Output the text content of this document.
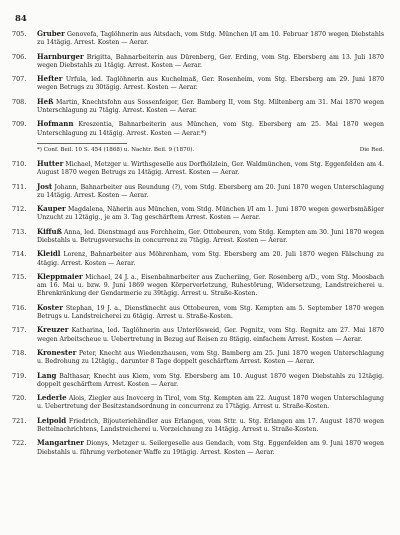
84
705.	Gruber Genovefa, Taglöhnerin aus Aitsdach, vom Stdg. München l/I am 10. Februar 1870 wegen Diebstahls zu 14tägig. Arrest. Kosten — Aerar.
706.	Harnburger Brigitta, Bahnarbeiterin aus Dürenberg, Ger. Erding, vom Stg. Ebersberg am 13. Juli 1870 wegen Diebstahls zu 1tägig. Arrest. Kosten — Aerar.
707.	Hefter Urfula, led. Taglöhnerin aus Kuchelmaß, Ger. Rosenheim, vom Stg. Ebersberg am 29. Juni 1870 wegen Betrugs zu 30tägig. Arrest. Kosten — Aerar.
708.	Heß Martin, Knechtsfohn aus Sossenfeiger, Ger. Bamberg II, vom Stg. Miltenberg am 31. Mai 1870 wegen Unterschlagung zu 7tägig. Arrest. Kosten — Aerar.
709.	Hofmann Kreszentia, Bahnarbeiterin aus München, vom Stg. Ebersberg am 25. Mai 1870 wegen Unterschlagung zu 14tägig. Arrest. Kosten — Aerar.*)
*) Conf. Beil. 10 S. 454 (1868) u. Nachtr. Beil. 9 (1870).	Die Red.
710.	Hutter Michael, Metzger u. Wirthsgeselle aus Dorfhölzlein, Ger. Waldmünchen, vom Stg. Eggenfelden am 4. August 1870 wegen Betrugs zu 14tägig. Arrest. Kosten — Aerar.
711.	Jost Johann, Bahnarbeiter aus Reundung (?), vom Stdg. Ebersberg am 20. Juni 1870 wegen Unterschlagung zu 14tägig. Arrest. Kosten — Aerar.
712.	Kauper Magdalena, Näherin aus München, vom Stdg. München l/I am 1. Juni 1870 wegen gewerbsmäßiger Unzucht zu 12tägig., je am 3. Tag geschärftem Arrest. Kosten — Aerar.
713.	Kiffuß Anna, led. Dienstmagd aus Forchheim, Ger. Ottobeuren, vom Stdg. Kempten am 30. Juni 1870 wegen Diebstahls u. Betrugsversuchs in concurrenz zu 7tägig. Arrest. Kosten — Aerar.
714.	Kleidl Lorenz, Bahnarbeiter aus Möhrenham, vom Stg. Ebersberg am 20. Juli 1870 wegen Fälschung zu 4tägig. Arrest. Kosten — Aerar.
715.	Kleppmaier Michael, 24 J. a., Eisenbahnarbeiter aus Zucheriing, Ger. Rosenberg a/D., vom Stg. Moosbach am 16. Mai u. bzw. 9. Juni 1869 wegen Körperverletzung, Ruhestörung, Widersetzung, Landstreicherei u. Ehrenkränkung der Gendarmerie zu 39tägig. Arrest u. Straße-Kosten.
716.	Koster Stephan, 19 J. a., Dienstknecht aus Ottobeuren, vom Stg. Kempten am 5. September 1870 wegen Betrugs u. Landstreicherei zu 6tägig. Arrest u. Straße-Kosten.
717.	Kreuzer Katharina, led. Taglöhnerin aus Unterlösweid, Ger. Pegnitz, vom Stg. Regnitz am 27. Mai 1870 wegen Arbeitscheue u. Uebertretung in Bezug auf Reisen zu 8tägig. einfachem Arrest. Kosten — Aerar.
718.	Kronester Peter, Knecht aus Wiedenzhausen, vom Stg. Bamberg am 25. Juni 1870 wegen Unterschlagung u. Bedrohung zu 12tägig., darunter 8 Tage doppelt geschärftem Arrest. Kosten — Aerar.
719.	Lang Balthasar, Knecht aus Kiem, vom Stg. Ebersberg am 10. August 1870 wegen Diebstahls zu 12tägig. doppelt geschärftem Arrest. Kosten — Aerar.
720.	Lederle Alois, Ziegler aus Inovcerg in Tirol, vom Stg. Kempten am 22. August 1870 wegen Unterschlagung u. Uebertretung der Besitzstandsordnung in concurrenz zu 17tägig. Arrest u. Straße-Kosten.
721.	Leipold Friedrich, Bijouteriehändler aus Erlangen, vom Sttr. u. Stg. Erlangen am 17. August 1870 wegen Bettelnachrichtens, Landstreicherei u. Vorzeichnung zu 14tägig. Arrest u. Straße-Kosten.
722.	Mangartner Dionys, Metzger u. Seilergeselle aus Gendach, vom Stg. Eggenfelden am 9. Juni 1870 wegen Diebstahls u. führung verbotener Waffe zu 19tägig. Arrest. Kosten — Aerar.
